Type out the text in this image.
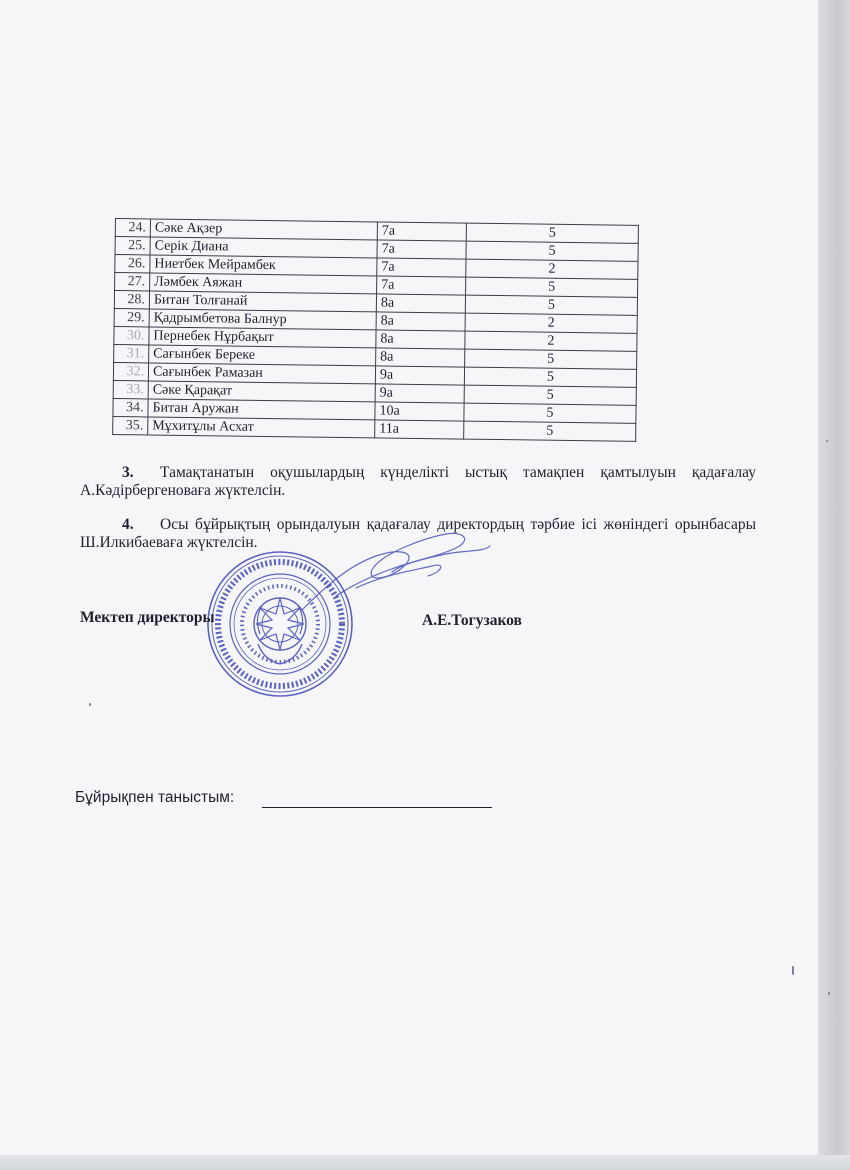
24.	Сәке Ақзер	7а	5
25.	Серік Диана	7а	5
26.	Ниетбек Мейрамбек	7а	2
27.	Ләмбек Аяжан	7а	5
28.	Битан Толғанай	8а	5
29.	Қадрымбетова Балнур	8а	2
30.	Пернебек Нұрбақыт	8а	2
31.	Сағынбек Береке	8а	5
32.	Сағынбек Рамазан	9а	5
33.	Сәке Қарақат	9а	5
34.	Битан Аружан	10а	5
35.	Мұхитұлы Асхат	11а	5
3. Тамақтанатын оқушылардың күнделікті ыстық тамақпен қамтылуын қадағалау А.Кәдірбергеноваға жүктелсін.
4. Осы бұйрықтың орындалуын қадағалау директордың тәрбие ісі жөніндегі орынбасары Ш.Илкибаеваға жүктелсін.
Мектеп директоры	А.Е.Тогузаков
Бұйрықпен таныстым:
